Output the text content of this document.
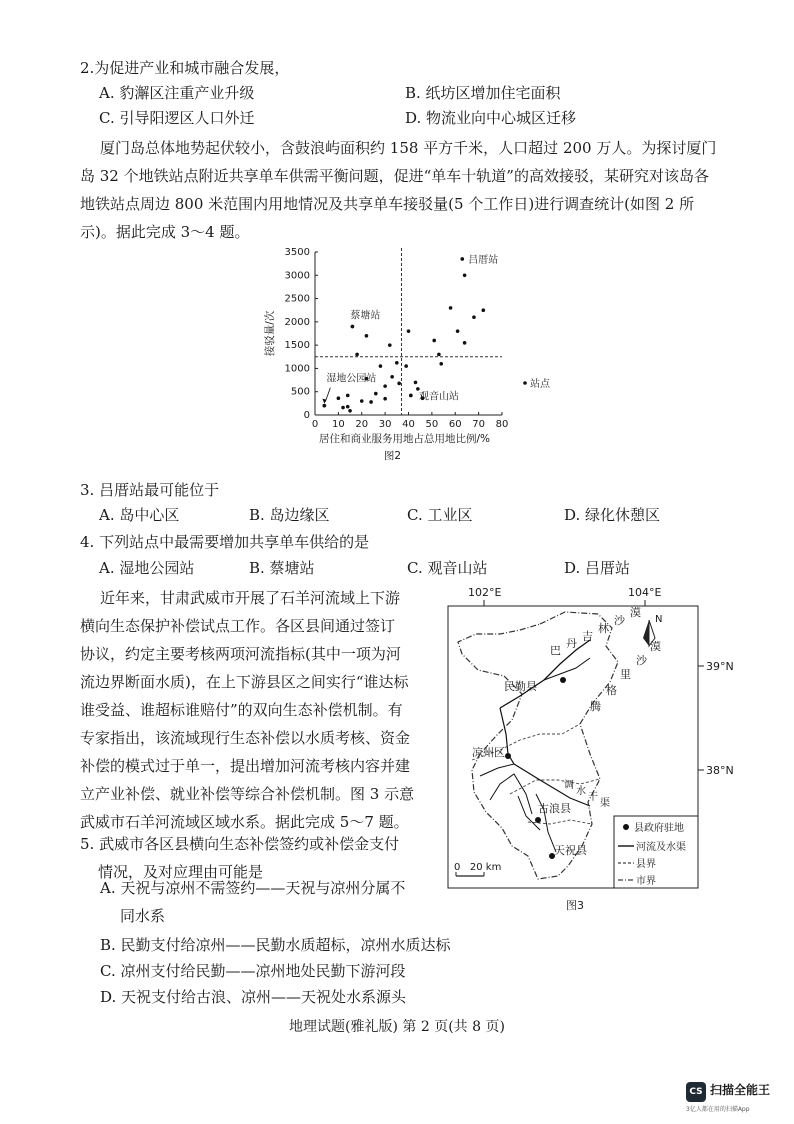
2.为促进产业和城市融合发展，
A. 豹澥区注重产业升级	B. 纸坊区增加住宅面积
C. 引导阳逻区人口外迁	D. 物流业向中心城区迁移
厦门岛总体地势起伏较小，含鼓浪屿面积约 158 平方千米，人口超过 200 万人。为探讨厦门
岛 32 个地铁站点附近共享单车供需平衡问题，促进“单车十轨道”的高效接驳，某研究对该岛各
地铁站点周边 800 米范围内用地情况及共享单车接驳量(5 个工作日)进行调查统计(如图 2 所
示)。据此完成 3～4 题。
0 10 20 30 40 50 60 70 80
0
500
1000
1500
2000
2500
3000
3500
吕厝站
蔡塘站
湿地公园站
观音山站
居住和商业服务用地占总用地比例/%
接驳量/次
图2
站点
3. 吕厝站最可能位于
A. 岛中心区	B. 岛边缘区	C. 工业区	D. 绿化休憩区
4. 下列站点中最需要增加共享单车供给的是
A. 湿地公园站	B. 蔡塘站	C. 观音山站	D. 吕厝站
近年来，甘肃武威市开展了石羊河流域上下游
横向生态保护补偿试点工作。各区县间通过签订
协议，约定主要考核两项河流指标(其中一项为河
流边界断面水质)，在上下游县区之间实行“谁达标
谁受益、谁超标谁赔付”的双向生态补偿机制。有
专家指出，该流域现行生态补偿以水质考核、资金
补偿的模式过于单一，提出增加河流考核内容并建
立产业补偿、就业补偿等综合补偿机制。图 3 示意
武威市石羊河流域区域水系。据此完成 5～7 题。
5. 武威市各区县横向生态补偿签约或补偿金支付
情况，及对应理由可能是
A. 天祝与凉州不需签约——天祝与凉州分属不
同水系
B. 民勤支付给凉州——民勤水质超标，凉州水质达标
C. 凉州支付给民勤——凉州地处民勤下游河段
D. 天祝支付给古浪、凉州——天祝处水系源头
102°E	104°E
39°N
38°N
N
民勤县
凉州区
古浪县
天祝县
巴
丹
吉
林
沙
漠
腾
格
里
沙
漠
调
水
干
渠
0   20 km
县政府驻地
河流及水渠
县界
市界
图3
地理试题(雅礼版) 第 2 页(共 8 页)
CS 扫描全能王
3亿人都在用的扫描App
